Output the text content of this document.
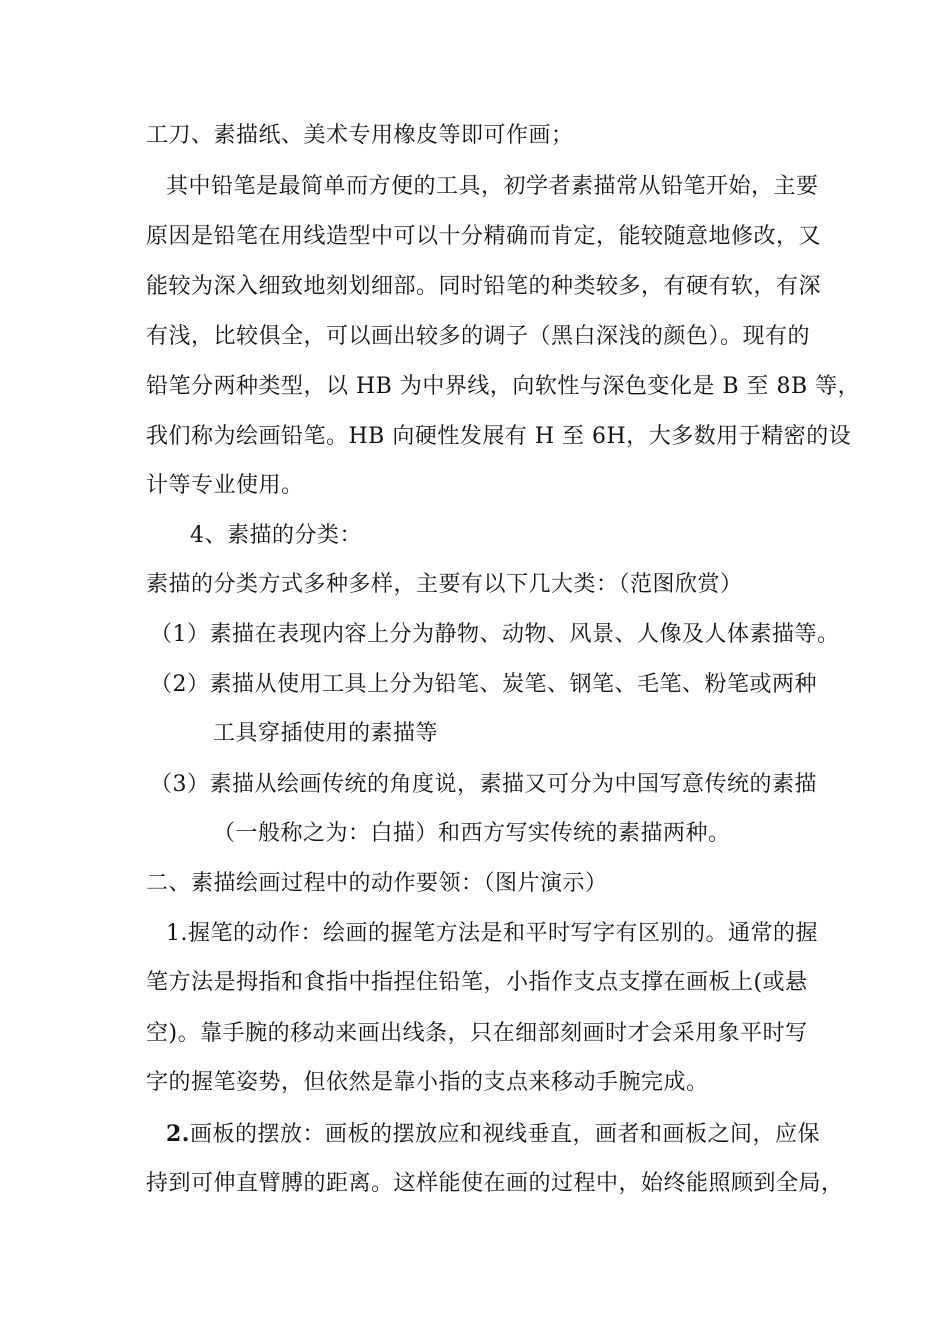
工刀、素描纸、美术专用橡皮等即可作画；
其中铅笔是最简单而方便的工具，初学者素描常从铅笔开始，主要
原因是铅笔在用线造型中可以十分精确而肯定，能较随意地修改，又
能较为深入细致地刻划细部。同时铅笔的种类较多，有硬有软，有深
有浅，比较俱全，可以画出较多的调子（黑白深浅的颜色）。现有的
铅笔分两种类型，以 HB 为中界线，向软性与深色变化是 B 至 8B 等，
我们称为绘画铅笔。HB 向硬性发展有 H 至 6H，大多数用于精密的设
计等专业使用。
4、素描的分类：
素描的分类方式多种多样，主要有以下几大类：（范图欣赏）
（1）素描在表现内容上分为静物、动物、风景、人像及人体素描等。
（2）素描从使用工具上分为铅笔、炭笔、钢笔、毛笔、粉笔或两种
工具穿插使用的素描等
（3）素描从绘画传统的角度说，素描又可分为中国写意传统的素描
（一般称之为：白描）和西方写实传统的素描两种。
二、素描绘画过程中的动作要领：（图片演示）
1.握笔的动作：绘画的握笔方法是和平时写字有区别的。通常的握
笔方法是拇指和食指中指捏住铅笔，小指作支点支撑在画板上(或悬
空)。靠手腕的移动来画出线条，只在细部刻画时才会采用象平时写
字的握笔姿势，但依然是靠小指的支点来移动手腕完成。
2.画板的摆放：画板的摆放应和视线垂直，画者和画板之间，应保
持到可伸直臂膊的距离。这样能使在画的过程中，始终能照顾到全局，
